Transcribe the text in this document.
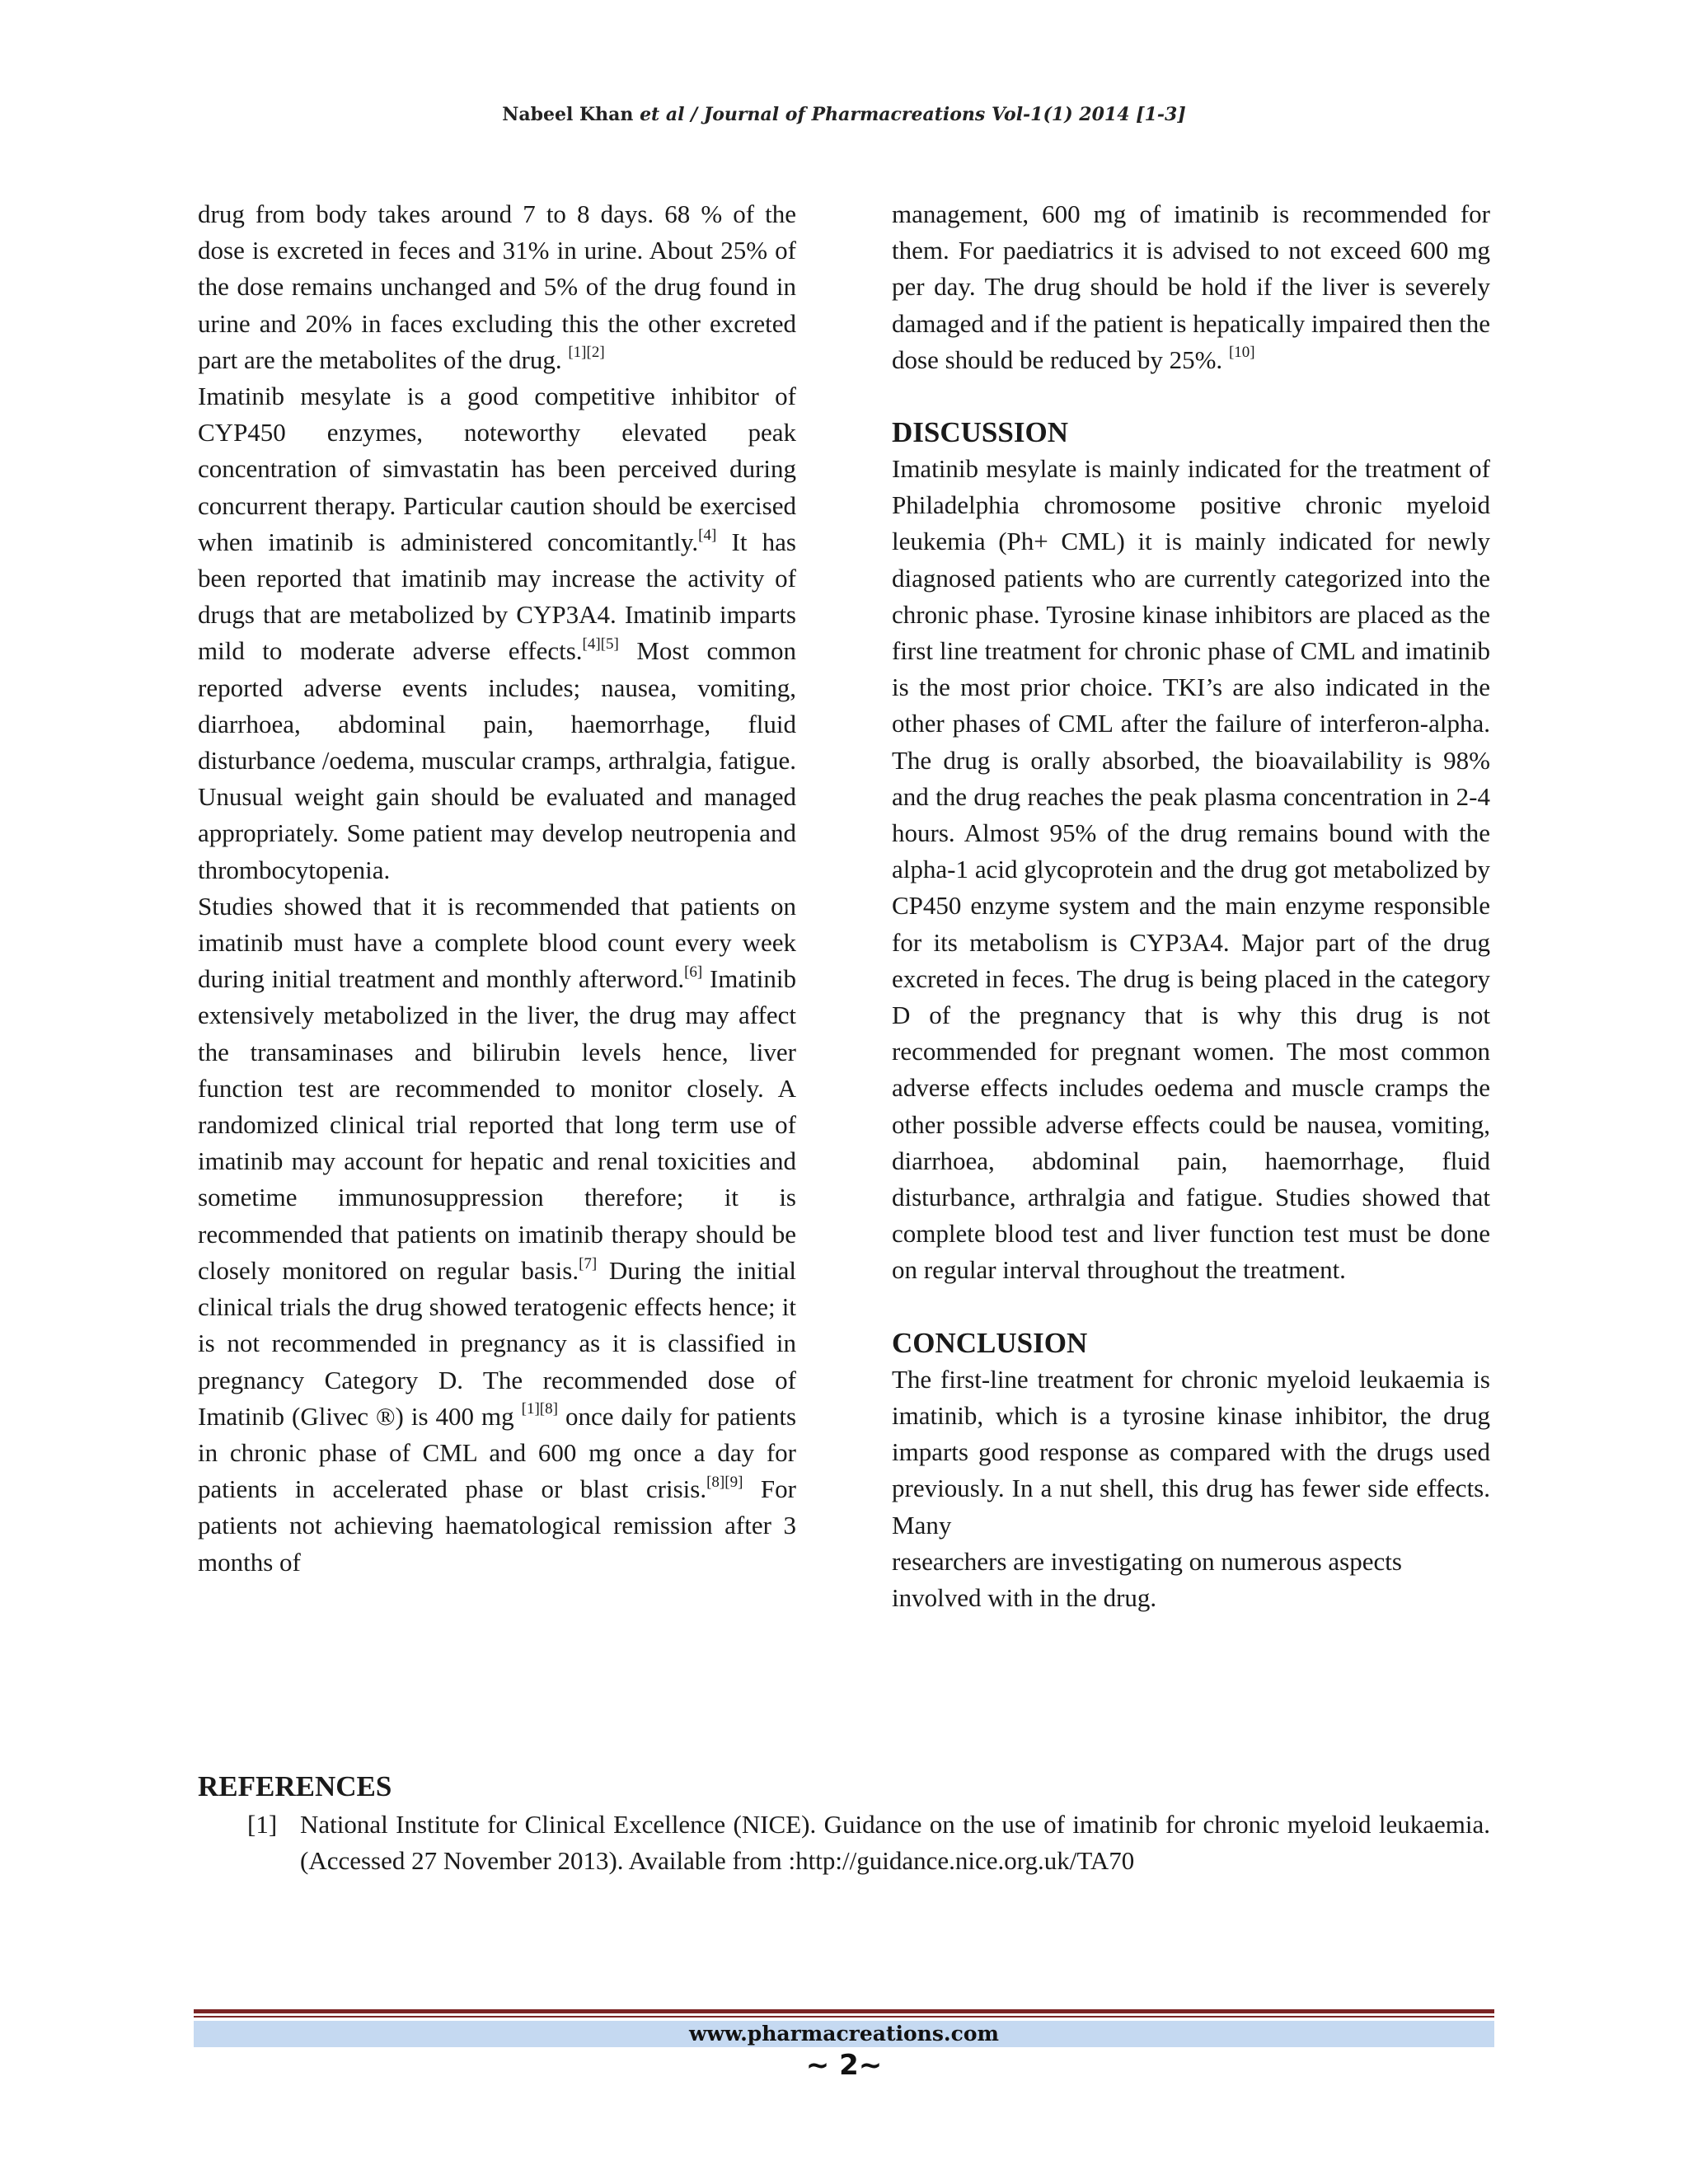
Nabeel Khan et al / Journal of Pharmacreations Vol-1(1) 2014 [1-3]

drug from body takes around 7 to 8 days. 68 % of the dose is excreted in feces and 31% in urine. About 25% of the dose remains unchanged and 5% of the drug found in urine and 20% in faces excluding this the other excreted part are the metabolites of the drug. [1][2]

Imatinib mesylate is a good competitive inhibitor of CYP450 enzymes, noteworthy elevated peak concentration of simvastatin has been perceived during concurrent therapy. Particular caution should be exercised when imatinib is administered concomitantly.[4] It has been reported that imatinib may increase the activity of drugs that are metabolized by CYP3A4. Imatinib imparts mild to moderate adverse effects.[4][5] Most common reported adverse events includes; nausea, vomiting, diarrhoea, abdominal pain, haemorrhage, fluid disturbance /oedema, muscular cramps, arthralgia, fatigue. Unusual weight gain should be evaluated and managed appropriately. Some patient may develop neutropenia and thrombocytopenia.

Studies showed that it is recommended that patients on imatinib must have a complete blood count every week during initial treatment and monthly afterword.[6] Imatinib extensively metabolized in the liver, the drug may affect the transaminases and bilirubin levels hence, liver function test are recommended to monitor closely. A randomized clinical trial reported that long term use of imatinib may account for hepatic and renal toxicities and sometime immunosuppression therefore; it is recommended that patients on imatinib therapy should be closely monitored on regular basis.[7] During the initial clinical trials the drug showed teratogenic effects hence; it is not recommended in pregnancy as it is classified in pregnancy Category D. The recommended dose of Imatinib (Glivec ®) is 400 mg [1][8] once daily for patients in chronic phase of CML and 600 mg once a day for patients in accelerated phase or blast crisis.[8][9] For patients not achieving haematological remission after 3 months of

management, 600 mg of imatinib is recommended for them. For paediatrics it is advised to not exceed 600 mg per day. The drug should be hold if the liver is severely damaged and if the patient is hepatically impaired then the dose should be reduced by 25%. [10]

DISCUSSION

Imatinib mesylate is mainly indicated for the treatment of Philadelphia chromosome positive chronic myeloid leukemia (Ph+ CML) it is mainly indicated for newly diagnosed patients who are currently categorized into the chronic phase. Tyrosine kinase inhibitors are placed as the first line treatment for chronic phase of CML and imatinib is the most prior choice. TKI’s are also indicated in the other phases of CML after the failure of interferon-alpha. The drug is orally absorbed, the bioavailability is 98% and the drug reaches the peak plasma concentration in 2-4 hours. Almost 95% of the drug remains bound with the alpha-1 acid glycoprotein and the drug got metabolized by CP450 enzyme system and the main enzyme responsible for its metabolism is CYP3A4. Major part of the drug excreted in feces. The drug is being placed in the category D of the pregnancy that is why this drug is not recommended for pregnant women. The most common adverse effects includes oedema and muscle cramps the other possible adverse effects could be nausea, vomiting, diarrhoea, abdominal pain, haemorrhage, fluid disturbance, arthralgia and fatigue. Studies showed that complete blood test and liver function test must be done on regular interval throughout the treatment.

CONCLUSION

The first-line treatment for chronic myeloid leukaemia is imatinib, which is a tyrosine kinase inhibitor, the drug imparts good response as compared with the drugs used previously. In a nut shell, this drug has fewer side effects. Many

researchers are investigating on numerous aspects involved with in the drug.

REFERENCES
[1] National Institute for Clinical Excellence (NICE). Guidance on the use of imatinib for chronic myeloid leukaemia. (Accessed 27 November 2013). Available from :http://guidance.nice.org.uk/TA70
www.pharmacreations.com
~ 2~
